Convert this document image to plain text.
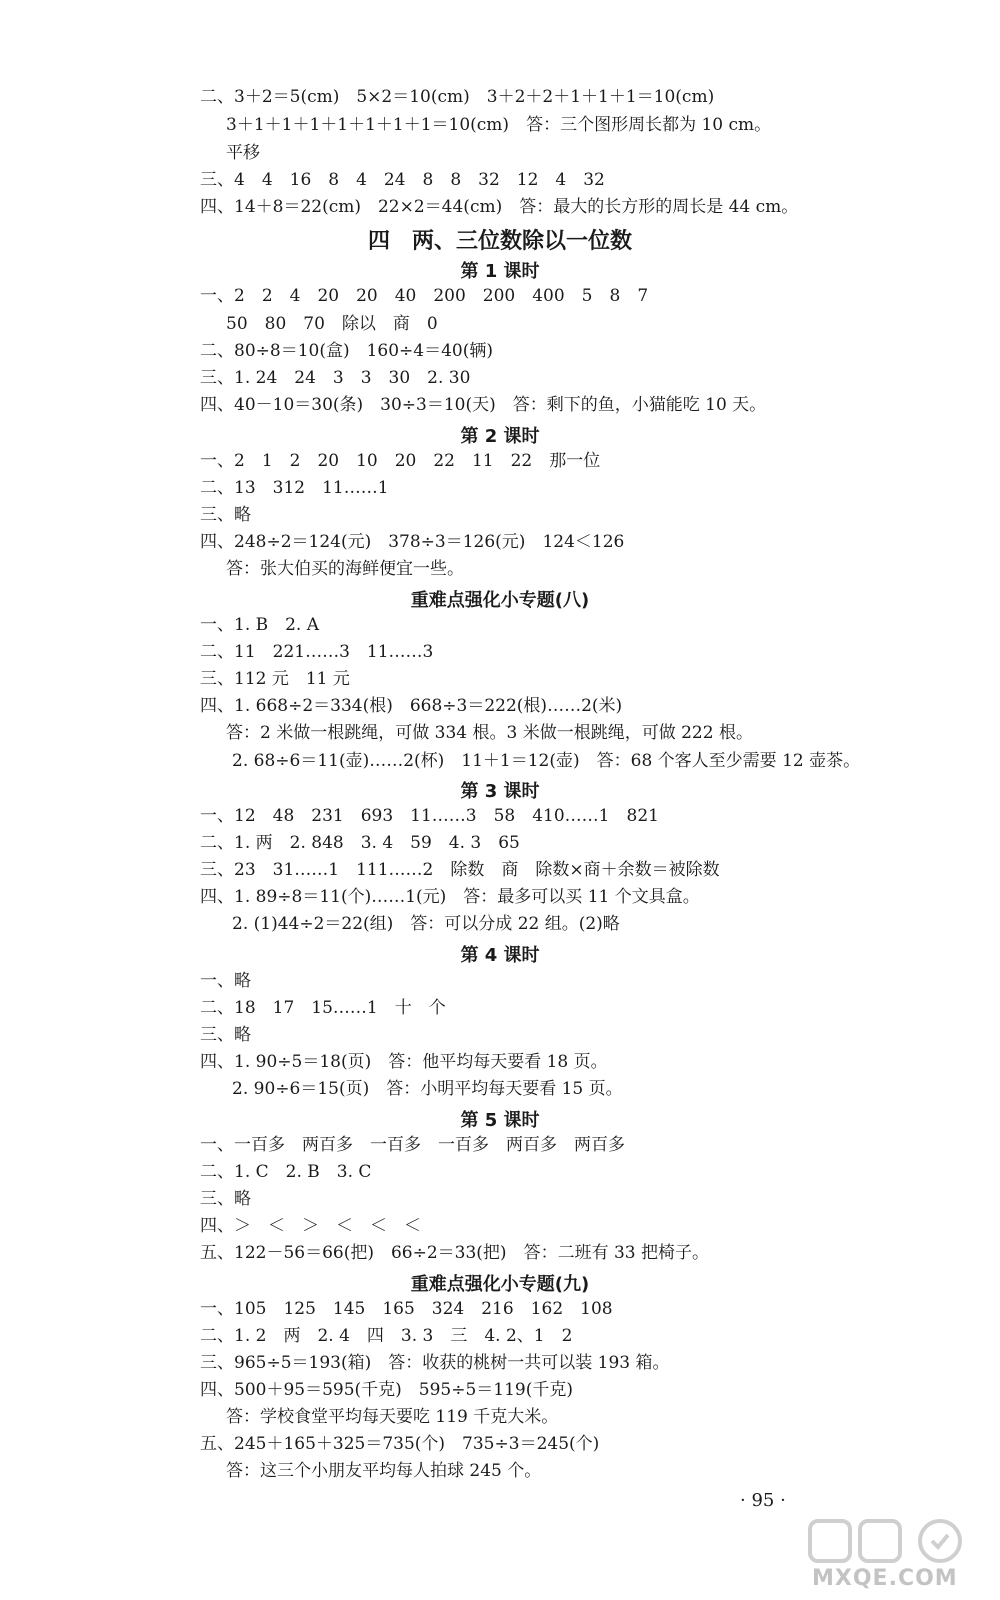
二、3＋2＝5(cm)　5×2＝10(cm)　3＋2＋2＋1＋1＋1＝10(cm)
3＋1＋1＋1＋1＋1＋1＋1＝10(cm)　答：三个图形周长都为 10 cm。
平移
三、4　4　16　8　4　24　8　8　32　12　4　32
四、14＋8＝22(cm)　22×2＝44(cm)　答：最大的长方形的周长是 44 cm。
四　两、三位数除以一位数
第 1 课时
一、2　2　4　20　20　40　200　200　400　5　8　7
50　80　70　除以　商　0
二、80÷8＝10(盒)　160÷4＝40(辆)
三、1. 24　24　3　3　30　2. 30
四、40－10＝30(条)　30÷3＝10(天)　答：剩下的鱼，小猫能吃 10 天。
第 2 课时
一、2　1　2　20　10　20　22　11　22　那一位
二、13　312　11……1
三、略
四、248÷2＝124(元)　378÷3＝126(元)　124＜126
答：张大伯买的海鲜便宜一些。
重难点强化小专题(八)
一、1. B　2. A
二、11　221……3　11……3
三、112 元　11 元
四、1. 668÷2＝334(根)　668÷3＝222(根)……2(米)
答：2 米做一根跳绳，可做 334 根。3 米做一根跳绳，可做 222 根。
2. 68÷6＝11(壶)……2(杯)　11＋1＝12(壶)　答：68 个客人至少需要 12 壶茶。
第 3 课时
一、12　48　231　693　11……3　58　410……1　821
二、1. 两　2. 848　3. 4　59　4. 3　65
三、23　31……1　111……2　除数　商　除数×商＋余数＝被除数
四、1. 89÷8＝11(个)……1(元)　答：最多可以买 11 个文具盒。
2. (1)44÷2＝22(组)　答：可以分成 22 组。(2)略
第 4 课时
一、略
二、18　17　15……1　十　个
三、略
四、1. 90÷5＝18(页)　答：他平均每天要看 18 页。
2. 90÷6＝15(页)　答：小明平均每天要看 15 页。
第 5 课时
一、一百多　两百多　一百多　一百多　两百多　两百多
二、1. C　2. B　3. C
三、略
四、＞　＜　＞　＜　＜　＜
五、122－56＝66(把)　66÷2＝33(把)　答：二班有 33 把椅子。
重难点强化小专题(九)
一、105　125　145　165　324　216　162　108
二、1. 2　两　2. 4　四　3. 3　三　4. 2、1　2
三、965÷5＝193(箱)　答：收获的桃树一共可以装 193 箱。
四、500＋95＝595(千克)　595÷5＝119(千克)
答：学校食堂平均每天要吃 119 千克大米。
五、245＋165＋325＝735(个)　735÷3＝245(个)
答：这三个小朋友平均每人拍球 245 个。
· 95 ·
MXQE.COM
